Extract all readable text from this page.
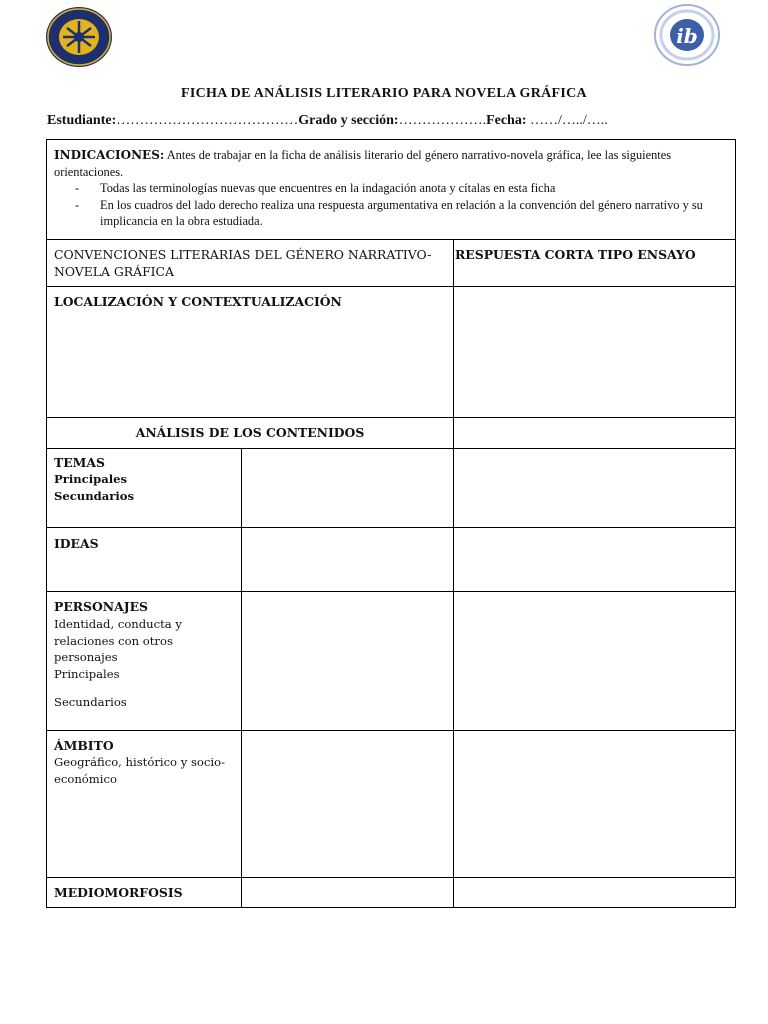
ib
FICHA DE ANÁLISIS LITERARIO PARA NOVELA GRÁFICA
Estudiante:…………………………………Grado y sección:……………….Fecha: ……/…../…..
INDICACIONES: Antes de trabajar en la ficha de análisis literario del género narrativo-novela gráfica, lee las siguientes orientaciones.
- Todas las terminologías nuevas que encuentres en la indagación anota y cítalas en esta ficha
- En los cuadros del lado derecho realiza una respuesta argumentativa en relación a la convención del género narrativo y su implicancia en la obra estudiada.
CONVENCIONES LITERARIAS DEL GÉNERO NARRATIVO-NOVELA GRÁFICA
RESPUESTA CORTA TIPO ENSAYO
LOCALIZACIÓN Y CONTEXTUALIZACIÓN
ANÁLISIS DE LOS CONTENIDOS
TEMAS
Principales
Secundarios
IDEAS
PERSONAJES
Identidad, conducta y relaciones con otros personajes
Principales
Secundarios
ÁMBITO
Geográfico, histórico y socio-económico
MEDIOMORFOSIS
